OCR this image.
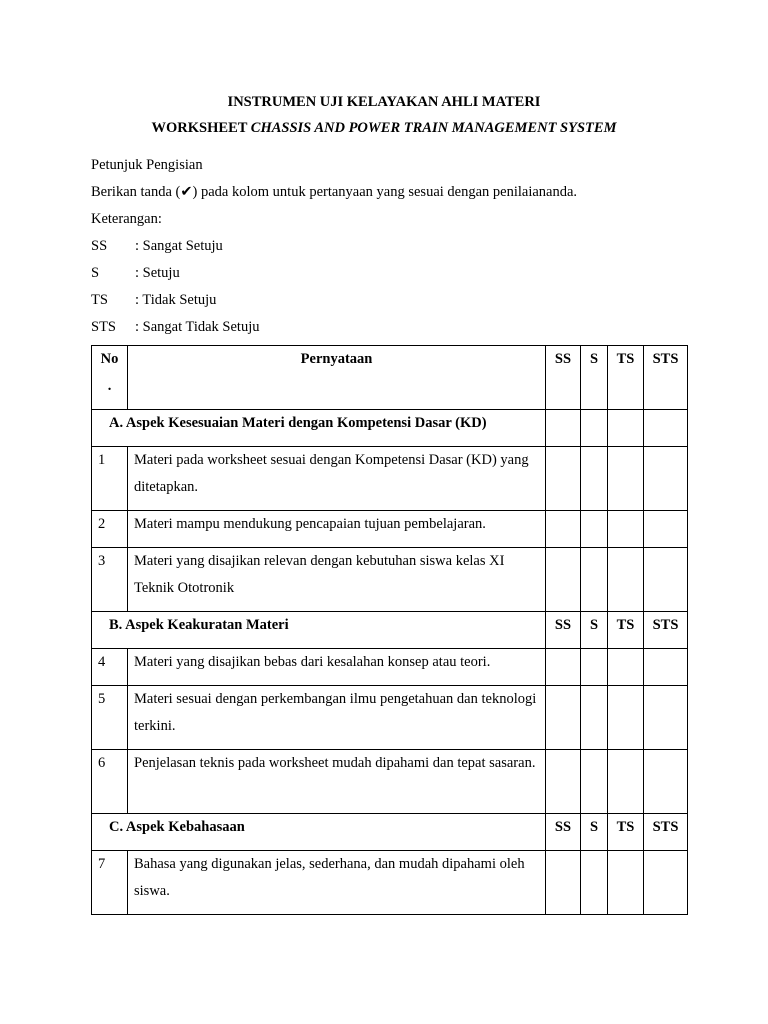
INSTRUMEN UJI KELAYAKAN AHLI MATERI

WORKSHEET CHASSIS AND POWER TRAIN MANAGEMENT SYSTEM

Petunjuk Pengisian

Berikan tanda (✔) pada kolom untuk pertanyaan yang sesuai dengan penilaiananda.

Keterangan:

SS : Sangat Setuju
S : Setuju
TS : Tidak Setuju
STS : Sangat Tidak Setuju
No
.	Pernyataan	SS	S	TS	STS
A. Aspek Kesesuaian Materi dengan Kompetensi Dasar (KD)					
1	Materi pada worksheet sesuai dengan Kompetensi Dasar (KD) yang ditetapkan.				
2	Materi mampu mendukung pencapaian tujuan pembelajaran.				
3	Materi yang disajikan relevan dengan kebutuhan siswa kelas XI Teknik Ototronik				
B. Aspek Keakuratan Materi		SS	S	TS	STS
4	Materi yang disajikan bebas dari kesalahan konsep atau teori.				
5	Materi sesuai dengan perkembangan ilmu pengetahuan dan teknologi terkini.				
6	Penjelasan teknis pada worksheet mudah dipahami dan tepat sasaran.				
C. Aspek Kebahasaan		SS	S	TS	STS
7	Bahasa yang digunakan jelas, sederhana, dan mudah dipahami oleh siswa.				
